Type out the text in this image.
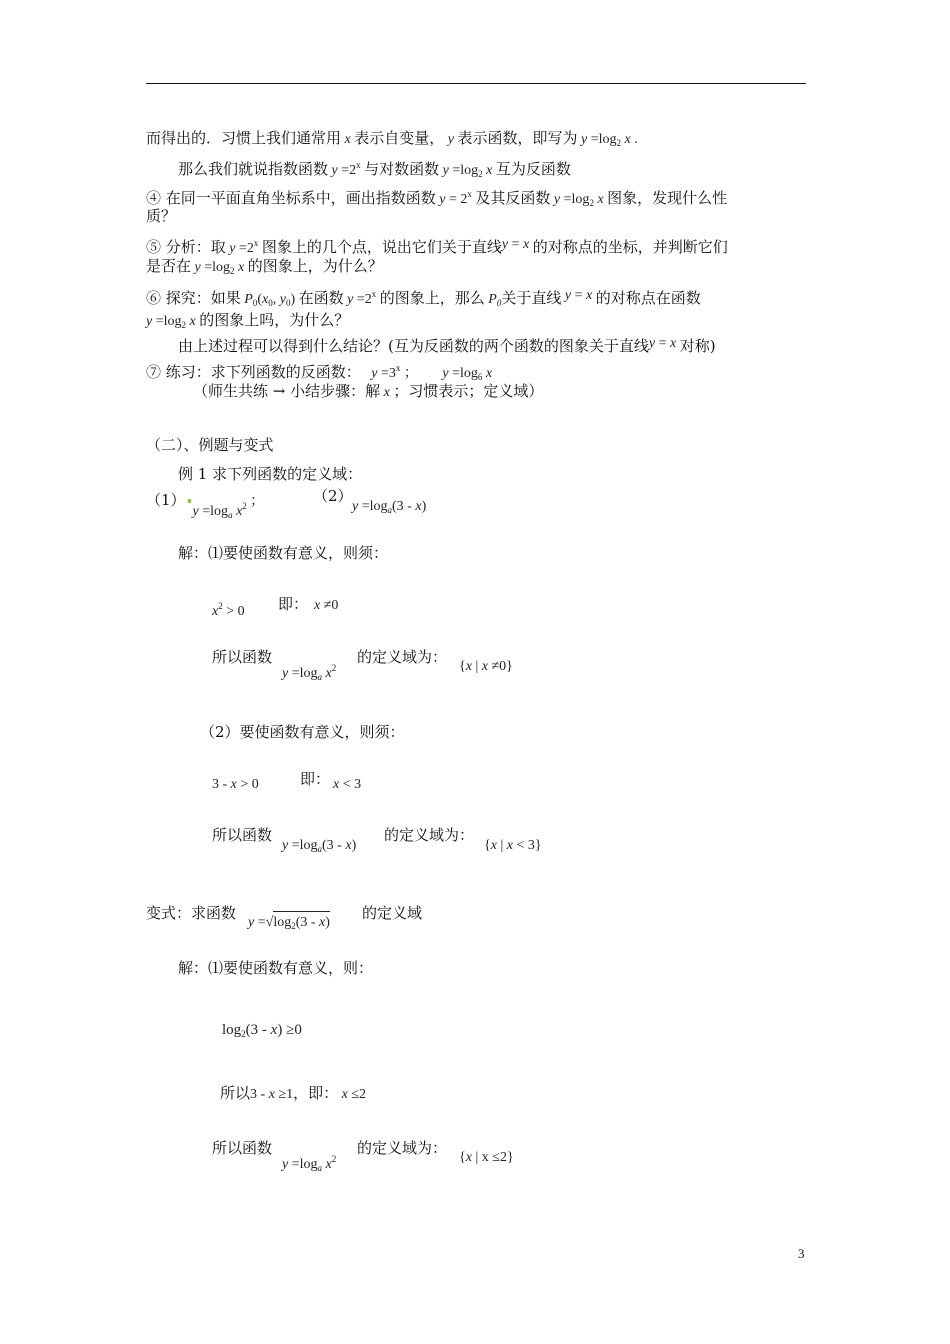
而得出的．习惯上我们通常用 x 表示自变量， y 表示函数，即写为 $y =\log_2$ x .
那么我们就说指数函数 $y =2^x$ 与对数函数 $y =\log_2$ x 互为反函数
④ 在同一平面直角坐标系中，画出指数函数 $y = 2^x$ 及其反函数 $y =\log_2$ x 图象，发现什么性
质？
⑤ 分析：取 $y =2^x$ 图象上的几个点，说出它们关于直线y = x 的对称点的坐标，并判断它们
是否在 $y =\log_2$ x 的图象上，为什么？
⑥ 探究：如果 $P_0(x_0$, $y_0$) 在函数 $y =2^x$ 的图象上，那么 $P_0$关于直线 y = x 的对称点在函数
$y =\log_2$ x 的图象上吗，为什么？
由上述过程可以得到什么结论？(互为反函数的两个函数的图象关于直线y = x 对称)
⑦ 练习：求下列函数的反函数： $y =3^x$ ； $y =\log_6$ x
（师生共练 → 小结步骤：解 x ；习惯表示；定义域）
（二）、例题与变式
例 1 求下列函数的定义域：
$(1)y =\log_a$ $x^2$ ；	（2）
$y =\log_a(3 - x)$
解：⑴要使函数有意义，则须：
$x^2 > 0$ 即： x ≠0
所以函数
$y =\log_a$ $x^2$
的定义域为：
{x | x ≠0}
（2）要使函数有意义，则须：
3 - x > 0	即： x < 3
所以函数
$y =\log_a(3 - x)$
的定义域为：
{x | x < 3}
变式：求函数
$y =√\log_2(3 - x)$
的定义域
解：⑴要使函数有意义，则：
$\log_2(3 - x) \ge 0$
所以3 - x ≥1，即： x ≤2
所以函数
$y =\log_a$ $x^2$
的定义域为：
{x | x ≤2}
3
